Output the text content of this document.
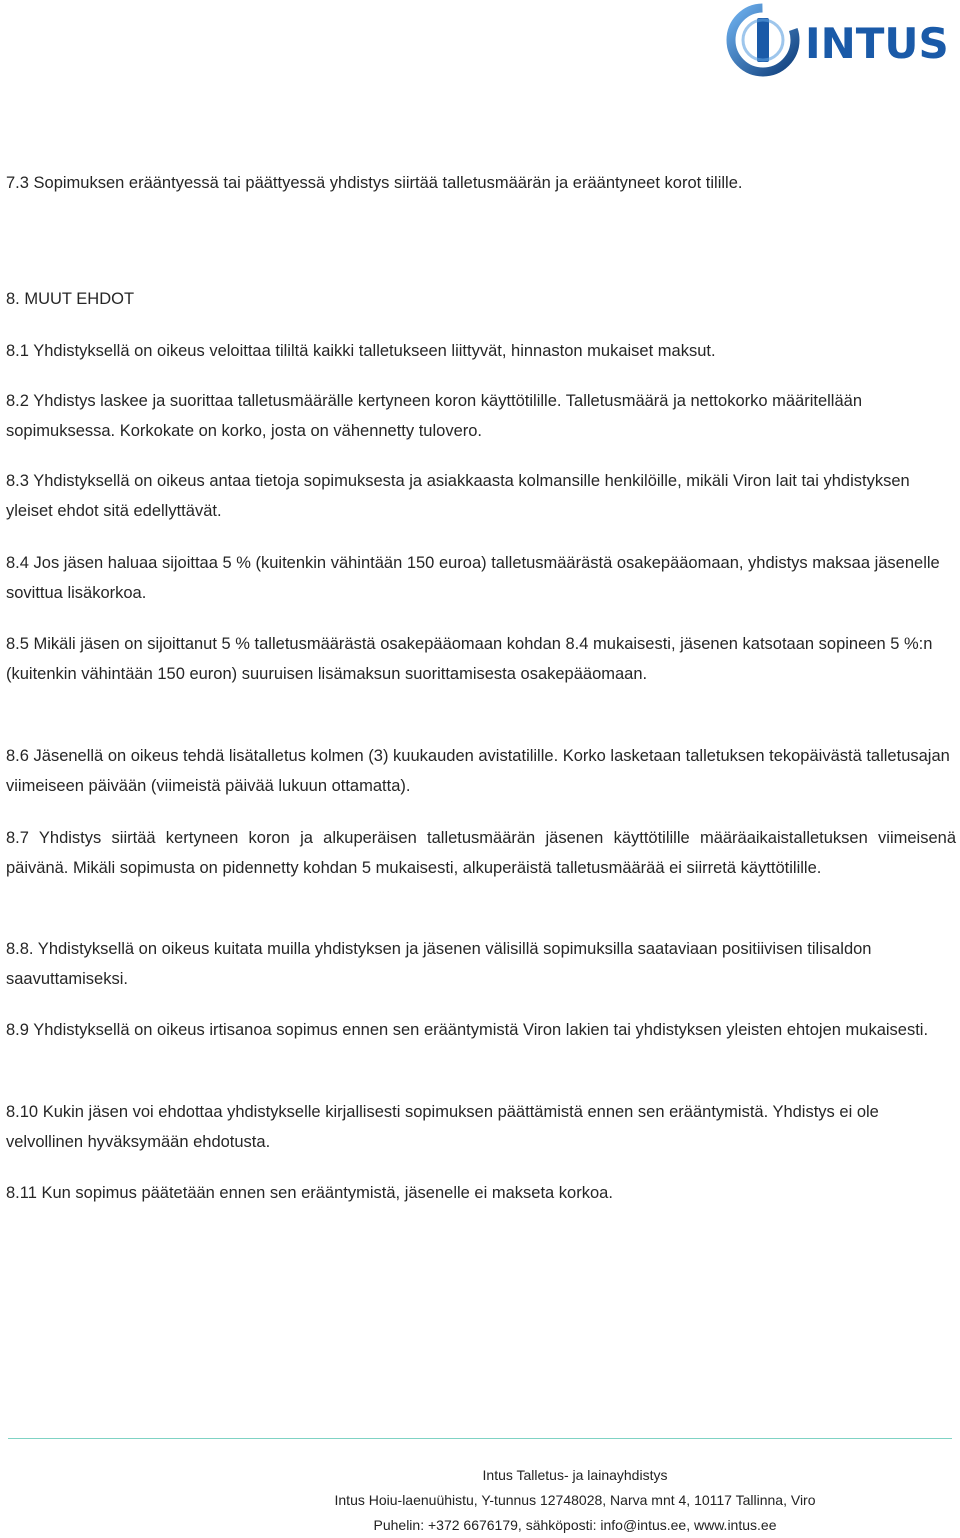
INTUS

7.3 Sopimuksen erääntyessä tai päättyessä yhdistys siirtää talletusmäärän ja erääntyneet korot tilille.

8. MUUT EHDOT

8.1 Yhdistyksellä on oikeus veloittaa tililtä kaikki talletukseen liittyvät, hinnaston mukaiset maksut.

8.2 Yhdistys laskee ja suorittaa talletusmäärälle kertyneen koron käyttötilille. Talletusmäärä ja nettokorko määritellään sopimuksessa. Korkokate on korko, josta on vähennetty tulovero.

8.3 Yhdistyksellä on oikeus antaa tietoja sopimuksesta ja asiakkaasta kolmansille henkilöille, mikäli Viron lait tai yhdistyksen yleiset ehdot sitä edellyttävät.

8.4 Jos jäsen haluaa sijoittaa 5 % (kuitenkin vähintään 150 euroa) talletusmäärästä osakepääomaan, yhdistys maksaa jäsenelle sovittua lisäkorkoa.

8.5 Mikäli jäsen on sijoittanut 5 % talletusmäärästä osakepääomaan kohdan 8.4 mukaisesti, jäsenen katsotaan sopineen 5 %:n (kuitenkin vähintään 150 euron) suuruisen lisämaksun suorittamisesta osakepääomaan.

8.6 Jäsenellä on oikeus tehdä lisätalletus kolmen (3) kuukauden avistatilille. Korko lasketaan talletuksen tekopäivästä talletusajan viimeiseen päivään (viimeistä päivää lukuun ottamatta).

8.7 Yhdistys siirtää kertyneen koron ja alkuperäisen talletusmäärän jäsenen käyttötilille määräaikaistalletuksen viimeisenä päivänä. Mikäli sopimusta on pidennetty kohdan 5 mukaisesti, alkuperäistä talletusmäärää ei siirretä käyttötilille.

8.8. Yhdistyksellä on oikeus kuitata muilla yhdistyksen ja jäsenen välisillä sopimuksilla saataviaan positiivisen tilisaldon saavuttamiseksi.

8.9 Yhdistyksellä on oikeus irtisanoa sopimus ennen sen erääntymistä Viron lakien tai yhdistyksen yleisten ehtojen mukaisesti.

8.10 Kukin jäsen voi ehdottaa yhdistykselle kirjallisesti sopimuksen päättämistä ennen sen erääntymistä. Yhdistys ei ole velvollinen hyväksymään ehdotusta.

8.11 Kun sopimus päätetään ennen sen erääntymistä, jäsenelle ei makseta korkoa.

Intus Talletus- ja lainayhdistys
Intus Hoiu-laenuühistu, Y-tunnus 12748028, Narva mnt 4, 10117 Tallinna, Viro
Puhelin: +372 6676179, sähköposti: info@intus.ee, www.intus.ee
